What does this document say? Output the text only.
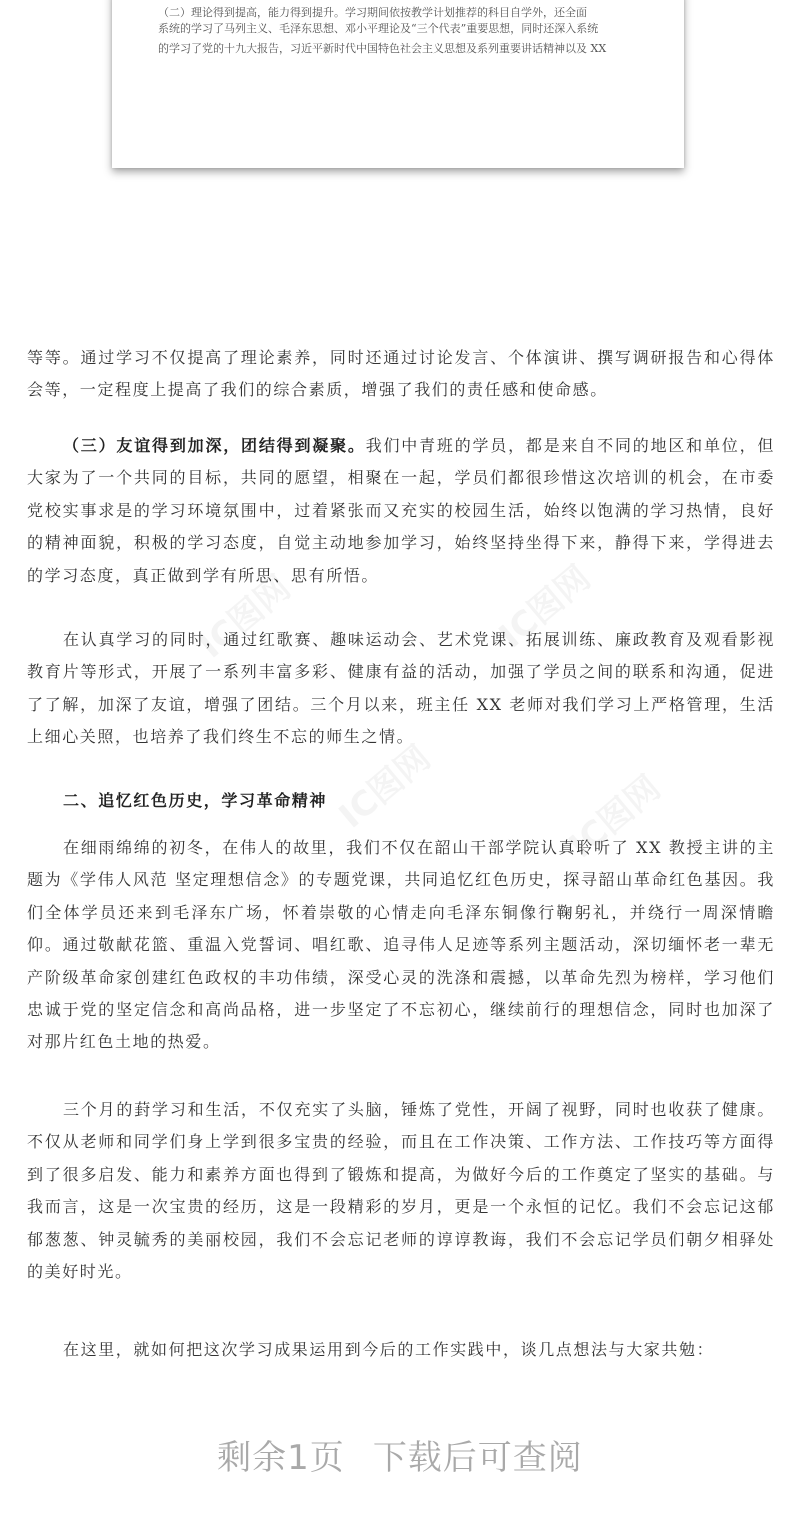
（二）理论得到提高，能力得到提升。学习期间依按教学计划推荐的科目自学外，还全面
系统的学习了马列主义、毛泽东思想、邓小平理论及“三个代表”重要思想，同时还深入系统
的学习了党的十九大报告，习近平新时代中国特色社会主义思想及系列重要讲话精神以及 XX

等等。通过学习不仅提高了理论素养，同时还通过讨论发言、个体演讲、撰写调研报告和心得体会等，一定程度上提高了我们的综合素质，增强了我们的责任感和使命感。

（三）友谊得到加深，团结得到凝聚。我们中青班的学员，都是来自不同的地区和单位，但大家为了一个共同的目标，共同的愿望，相聚在一起，学员们都很珍惜这次培训的机会，在市委党校实事求是的学习环境氛围中，过着紧张而又充实的校园生活，始终以饱满的学习热情，良好的精神面貌，积极的学习态度，自觉主动地参加学习，始终坚持坐得下来，静得下来，学得进去的学习态度，真正做到学有所思、思有所悟。

在认真学习的同时，通过红歌赛、趣味运动会、艺术党课、拓展训练、廉政教育及观看影视教育片等形式，开展了一系列丰富多彩、健康有益的活动，加强了学员之间的联系和沟通，促进了了解，加深了友谊，增强了团结。三个月以来，班主任 XX 老师对我们学习上严格管理，生活上细心关照，也培养了我们终生不忘的师生之情。

二、追忆红色历史，学习革命精神

在细雨绵绵的初冬，在伟人的故里，我们不仅在韶山干部学院认真聆听了 XX 教授主讲的主题为《学伟人风范 坚定理想信念》的专题党课，共同追忆红色历史，探寻韶山革命红色基因。我们全体学员还来到毛泽东广场，怀着崇敬的心情走向毛泽东铜像行鞠躬礼，并绕行一周深情瞻仰。通过敬献花篮、重温入党誓词、唱红歌、追寻伟人足迹等系列主题活动，深切缅怀老一辈无产阶级革命家创建红色政权的丰功伟绩，深受心灵的洗涤和震撼，以革命先烈为榜样，学习他们忠诚于党的坚定信念和高尚品格，进一步坚定了不忘初心，继续前行的理想信念，同时也加深了对那片红色土地的热爱。

三个月的葑学习和生活，不仅充实了头脑，锤炼了党性，开阔了视野，同时也收获了健康。不仅从老师和同学们身上学到很多宝贵的经验，而且在工作决策、工作方法、工作技巧等方面得到了很多启发、能力和素养方面也得到了锻炼和提高，为做好今后的工作奠定了坚实的基础。与我而言，这是一次宝贵的经历，这是一段精彩的岁月，更是一个永恒的记忆。我们不会忘记这郁郁葱葱、钟灵毓秀的美丽校园，我们不会忘记老师的谆谆教诲，我们不会忘记学员们朝夕相驿处的美好时光。

在这里，就如何把这次学习成果运用到今后的工作实践中，谈几点想法与大家共勉：

剩余1页 下载后可查阅
